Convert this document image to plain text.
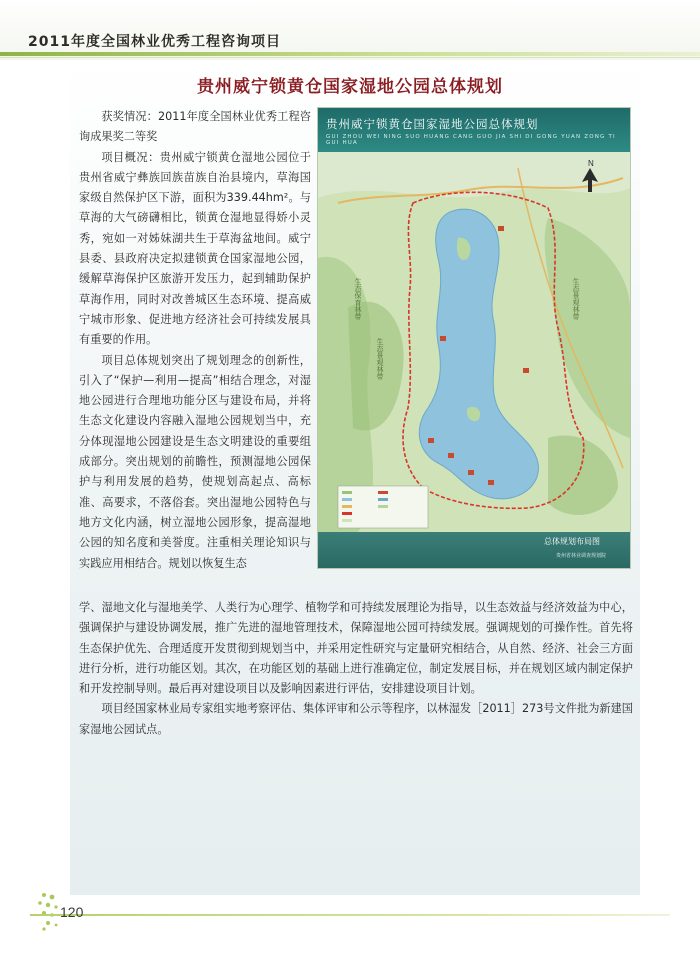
2011年度全国林业优秀工程咨询项目
贵州威宁锁黄仓国家湿地公园总体规划

获奖情况：2011年度全国林业优秀工程咨询成果奖二等奖

项目概况：贵州威宁锁黄仓湿地公园位于贵州省威宁彝族回族苗族自治县境内，草海国家级自然保护区下游，面积为339.44hm²。与草海的大气磅礴相比，锁黄仓湿地显得娇小灵秀，宛如一对姊妹湖共生于草海盆地间。威宁县委、县政府决定拟建锁黄仓国家湿地公园，缓解草海保护区旅游开发压力，起到辅助保护草海作用，同时对改善城区生态环境、提高威宁城市形象、促进地方经济社会可持续发展具有重要的作用。

项目总体规划突出了规划理念的创新性，引入了“保护—利用—提高”相结合理念，对湿地公园进行合理地功能分区与建设布局，并将生态文化建设内容融入湿地公园规划当中，充分体现湿地公园建设是生态文明建设的重要组成部分。突出规划的前瞻性，预测湿地公园保护与利用发展的趋势，使规划高起点、高标准、高要求，不落俗套。突出湿地公园特色与地方文化内涵，树立湿地公园形象，提高湿地公园的知名度和美誉度。注重相关理论知识与实践应用相结合。规划以恢复生态

N
生态保育林带
生态景观林带
生态景观林带
贵州威宁锁黄仓国家湿地公园总体规划
GUI ZHOU WEI NING SUO HUANG CANG GUO JIA SHI DI GONG YUAN ZONG TI GUI HUA
总体规划布局图
贵州省林业调查规划院

学、湿地文化与湿地美学、人类行为心理学、植物学和可持续发展理论为指导，以生态效益与经济效益为中心，强调保护与建设协调发展，推广先进的湿地管理技术，保障湿地公园可持续发展。强调规划的可操作性。首先将生态保护优先、合理适度开发贯彻到规划当中，并采用定性研究与定量研究相结合，从自然、经济、社会三方面进行分析，进行功能区划。其次，在功能区划的基础上进行准确定位，制定发展目标，并在规划区域内制定保护和开发控制导则。最后再对建设项目以及影响因素进行评估，安排建设项目计划。

项目经国家林业局专家组实地考察评估、集体评审和公示等程序，以林湿发［2011］273号文件批为新建国家湿地公园试点。

120
